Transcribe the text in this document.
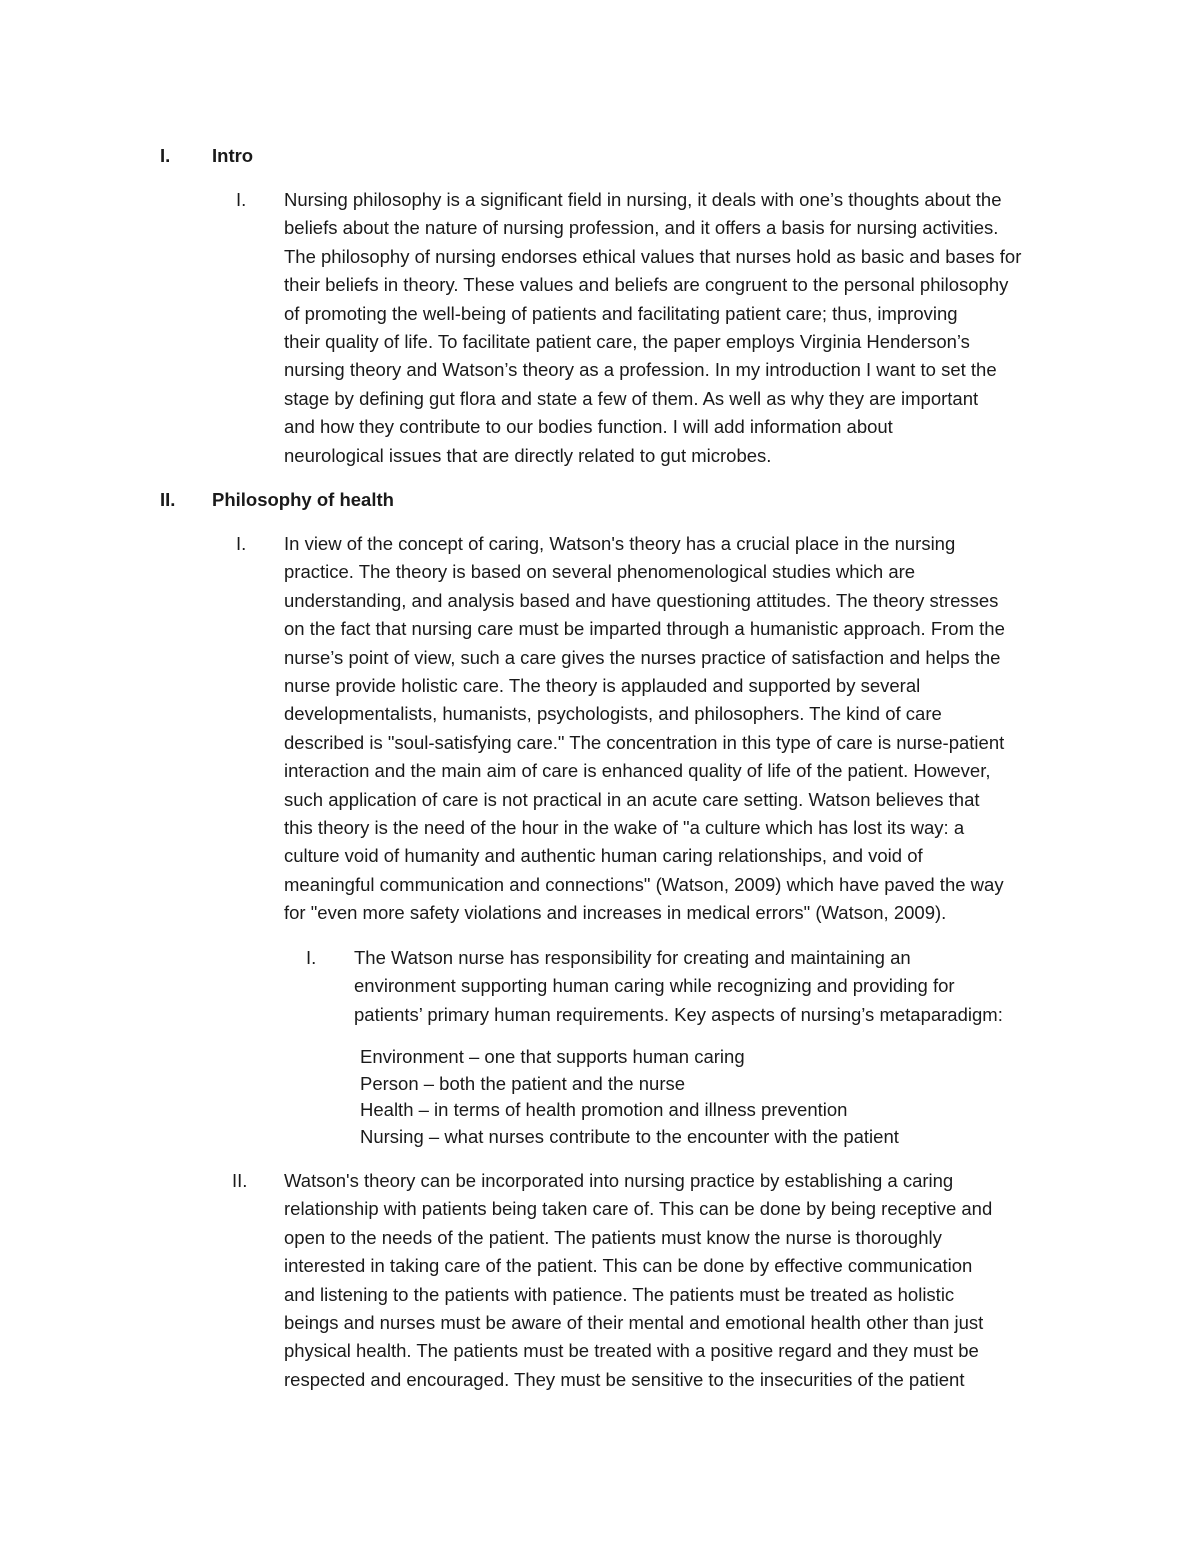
I. Intro
I. Nursing philosophy is a significant field in nursing, it deals with one’s thoughts about the
beliefs about the nature of nursing profession, and it offers a basis for nursing activities.
The philosophy of nursing endorses ethical values that nurses hold as basic and bases for
their beliefs in theory. These values and beliefs are congruent to the personal philosophy
of promoting the well-being of patients and facilitating patient care; thus, improving
their quality of life. To facilitate patient care, the paper employs Virginia Henderson’s
nursing theory and Watson’s theory as a profession. In my introduction I want to set the
stage by defining gut flora and state a few of them. As well as why they are important
and how they contribute to our bodies function. I will add information about
neurological issues that are directly related to gut microbes.
II. Philosophy of health
I. In view of the concept of caring, Watson's theory has a crucial place in the nursing
practice. The theory is based on several phenomenological studies which are
understanding, and analysis based and have questioning attitudes. The theory stresses
on the fact that nursing care must be imparted through a humanistic approach. From the
nurse’s point of view, such a care gives the nurses practice of satisfaction and helps the
nurse provide holistic care. The theory is applauded and supported by several
developmentalists, humanists, psychologists, and philosophers. The kind of care
described is "soul-satisfying care." The concentration in this type of care is nurse-patient
interaction and the main aim of care is enhanced quality of life of the patient. However,
such application of care is not practical in an acute care setting. Watson believes that
this theory is the need of the hour in the wake of "a culture which has lost its way: a
culture void of humanity and authentic human caring relationships, and void of
meaningful communication and connections" (Watson, 2009) which have paved the way
for "even more safety violations and increases in medical errors" (Watson, 2009).
I. The Watson nurse has responsibility for creating and maintaining an
environment supporting human caring while recognizing and providing for
patients’ primary human requirements. Key aspects of nursing’s metaparadigm:
Environment – one that supports human caring
Person – both the patient and the nurse
Health – in terms of health promotion and illness prevention
Nursing – what nurses contribute to the encounter with the patient
II. Watson's theory can be incorporated into nursing practice by establishing a caring
relationship with patients being taken care of. This can be done by being receptive and
open to the needs of the patient. The patients must know the nurse is thoroughly
interested in taking care of the patient. This can be done by effective communication
and listening to the patients with patience. The patients must be treated as holistic
beings and nurses must be aware of their mental and emotional health other than just
physical health. The patients must be treated with a positive regard and they must be
respected and encouraged. They must be sensitive to the insecurities of the patient
